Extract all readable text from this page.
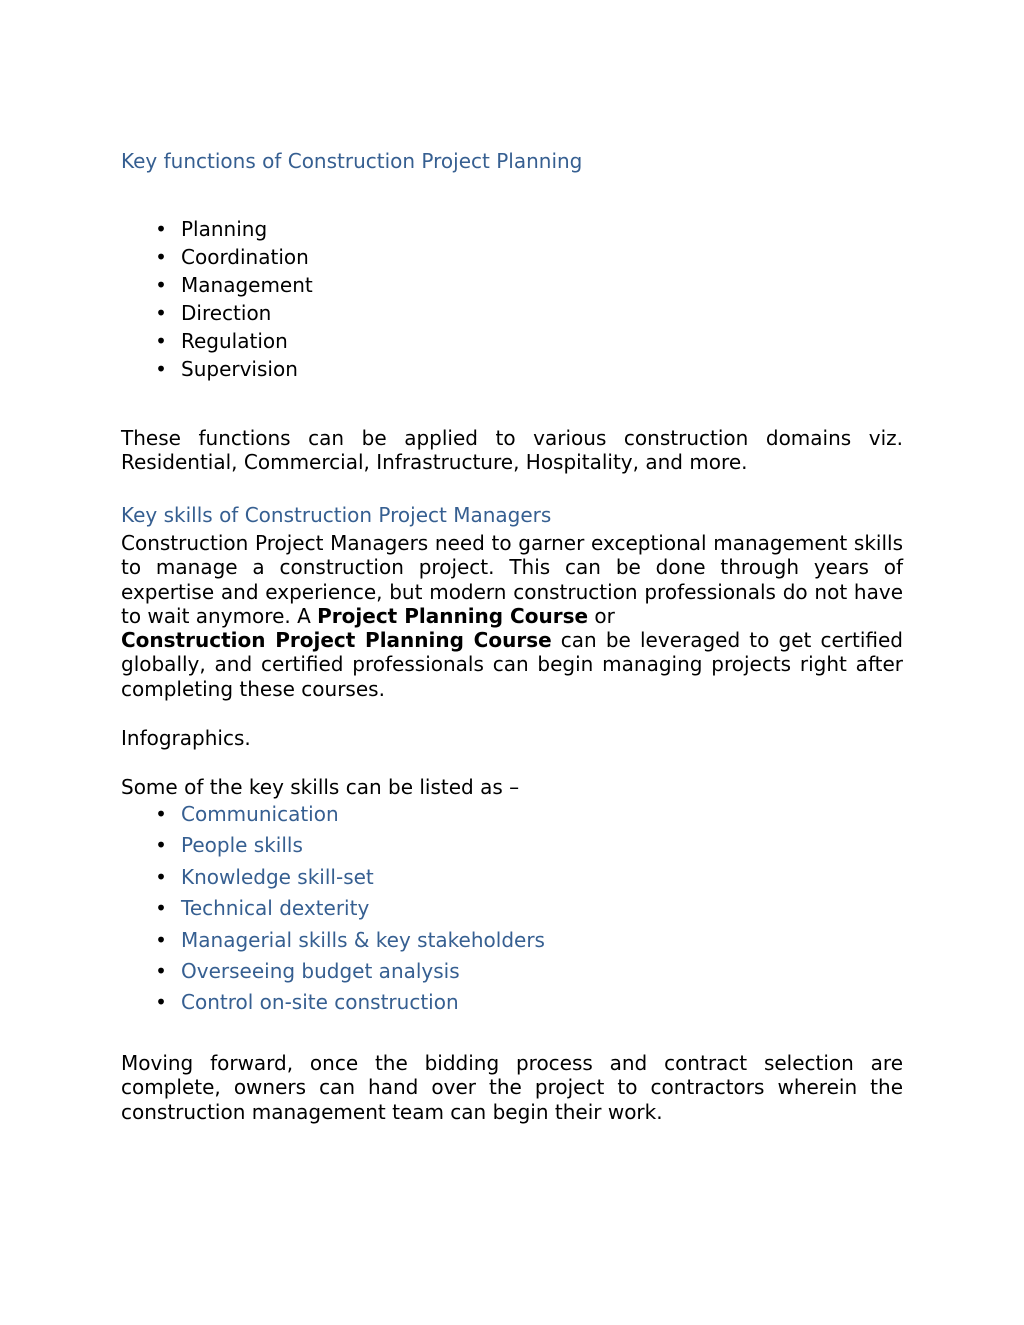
Key functions of Construction Project Planning
• Planning
• Coordination
• Management
• Direction
• Regulation
• Supervision

These functions can be applied to various construction domains viz. Residential, Commercial, Infrastructure, Hospitality, and more.

Key skills of Construction Project Managers

Construction Project Managers need to garner exceptional management skills to manage a construction project. This can be done through years of expertise and experience, but modern construction professionals do not have to wait anymore. A Project Planning Course or
Construction Project Planning Course can be leveraged to get certified globally, and certified professionals can begin managing projects right after completing these courses.

Infographics.

Some of the key skills can be listed as –

• Communication
• People skills
• Knowledge skill-set
• Technical dexterity
• Managerial skills & key stakeholders
• Overseeing budget analysis
• Control on-site construction

Moving forward, once the bidding process and contract selection are complete, owners can hand over the project to contractors wherein the construction management team can begin their work.
